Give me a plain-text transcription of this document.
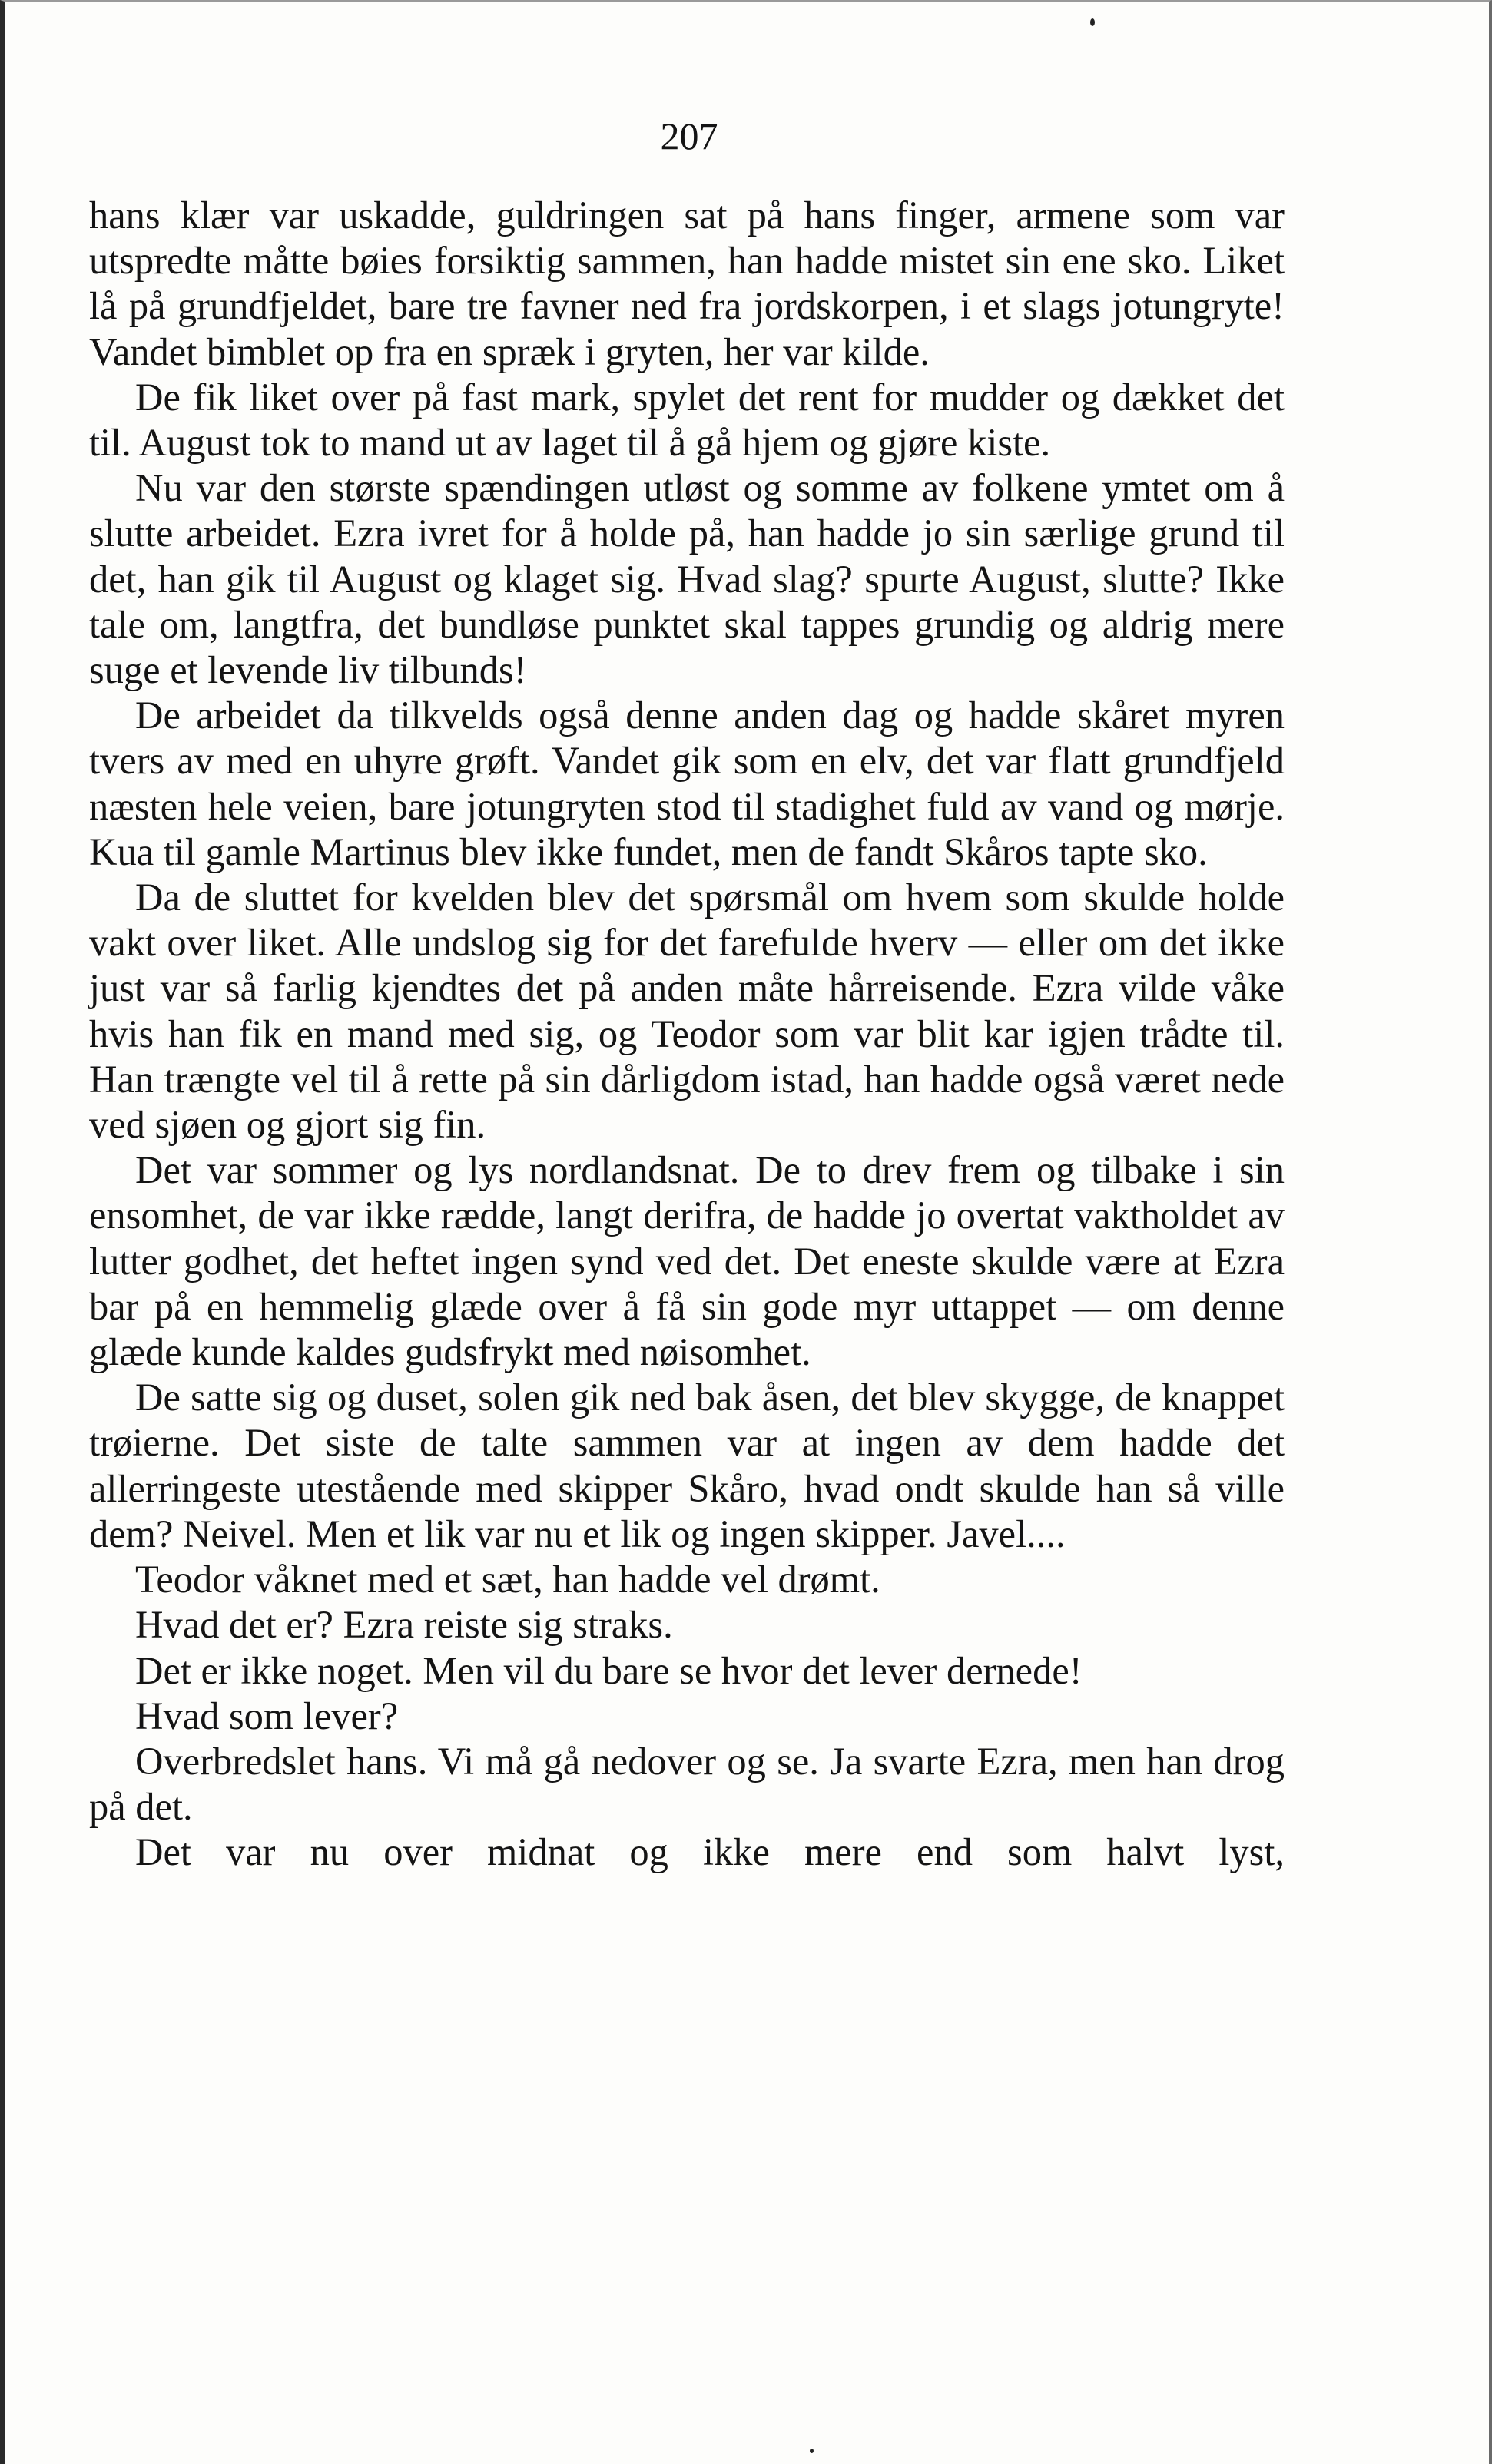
207

hans klær var uskadde, guldringen sat på hans finger, armene som var utspredte måtte bøies forsiktig sammen, han hadde mistet sin ene sko. Liket lå på grundfjeldet, bare tre favner ned fra jordskorpen, i et slags jotungryte! Vandet bimblet op fra en spræk i gryten, her var kilde.

De fik liket over på fast mark, spylet det rent for mudder og dækket det til. August tok to mand ut av laget til å gå hjem og gjøre kiste.

Nu var den største spændingen utløst og somme av folkene ymtet om å slutte arbeidet. Ezra ivret for å holde på, han hadde jo sin særlige grund til det, han gik til August og klaget sig. Hvad slag? spurte August, slutte? Ikke tale om, langtfra, det bundløse punktet skal tappes grundig og aldrig mere suge et levende liv tilbunds!

De arbeidet da tilkvelds også denne anden dag og hadde skåret myren tvers av med en uhyre grøft. Vandet gik som en elv, det var flatt grundfjeld næsten hele veien, bare jotungryten stod til stadighet fuld av vand og mørje. Kua til gamle Martinus blev ikke fundet, men de fandt Skåros tapte sko.

Da de sluttet for kvelden blev det spørsmål om hvem som skulde holde vakt over liket. Alle undslog sig for det farefulde hverv — eller om det ikke just var så farlig kjendtes det på anden måte hårreisende. Ezra vilde våke hvis han fik en mand med sig, og Teodor som var blit kar igjen trådte til. Han trængte vel til å rette på sin dårligdom istad, han hadde også været nede ved sjøen og gjort sig fin.

Det var sommer og lys nordlandsnat. De to drev frem og tilbake i sin ensomhet, de var ikke rædde, langt derifra, de hadde jo overtat vaktholdet av lutter godhet, det heftet ingen synd ved det. Det eneste skulde være at Ezra bar på en hemmelig glæde over å få sin gode myr uttappet — om denne glæde kunde kaldes gudsfrykt med nøisomhet.

De satte sig og duset, solen gik ned bak åsen, det blev skygge, de knappet trøierne. Det siste de talte sammen var at ingen av dem hadde det allerringeste utestående med skipper Skåro, hvad ondt skulde han så ville dem? Neivel. Men et lik var nu et lik og ingen skipper. Javel....

Teodor våknet med et sæt, han hadde vel drømt.

Hvad det er? Ezra reiste sig straks.

Det er ikke noget. Men vil du bare se hvor det lever dernede!

Hvad som lever?

Overbredslet hans. Vi må gå nedover og se. Ja svarte Ezra, men han drog på det.

Det var nu over midnat og ikke mere end som halvt lyst,
